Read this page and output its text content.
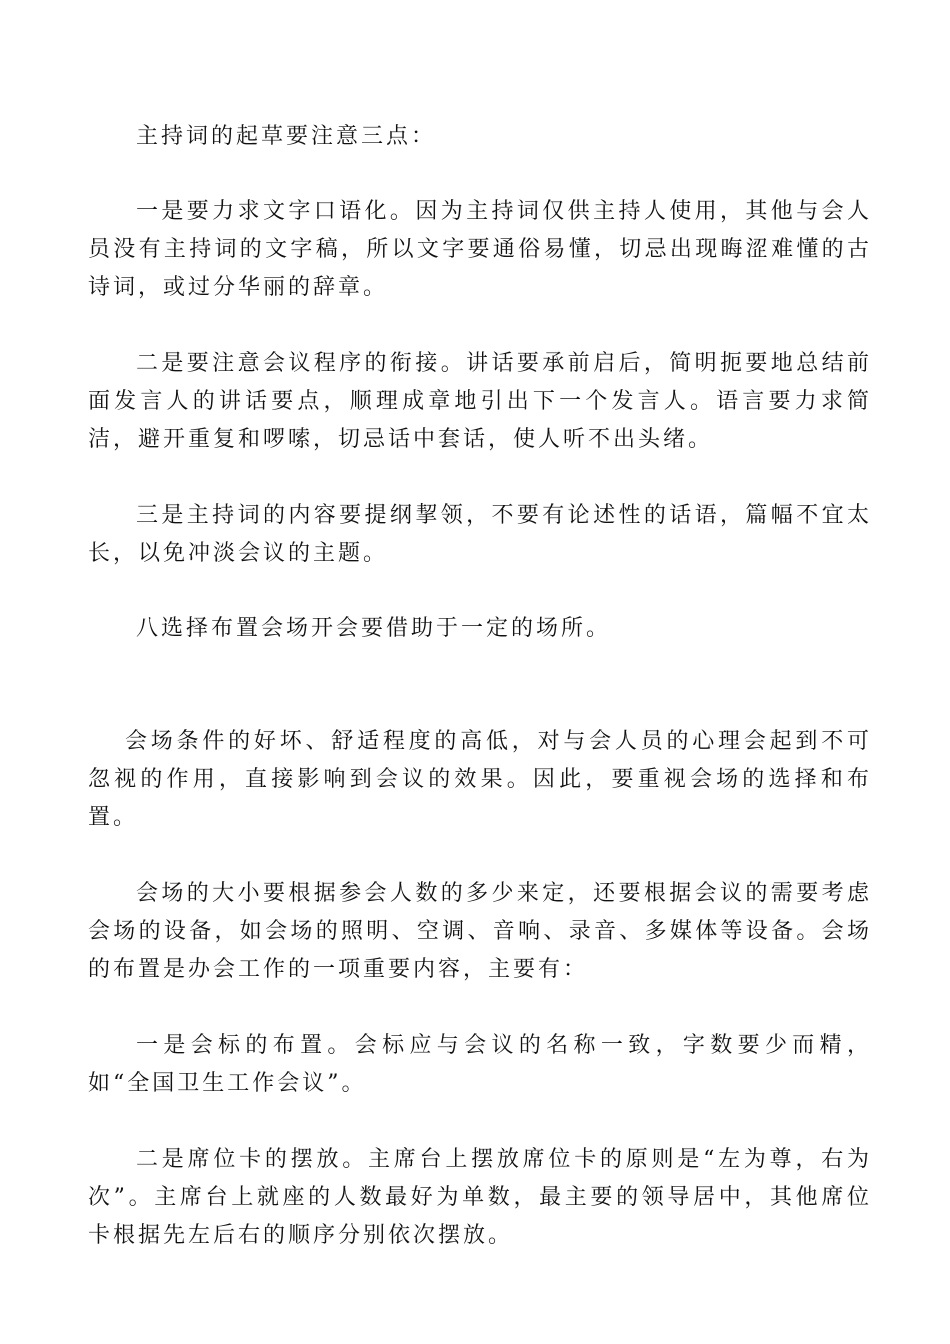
主持词的起草要注意三点：

一是要力求文字口语化。因为主持词仅供主持人使用，其他与会人员没有主持词的文字稿，所以文字要通俗易懂，切忌出现晦涩难懂的古诗词，或过分华丽的辞章。

二是要注意会议程序的衔接。讲话要承前启后，简明扼要地总结前面发言人的讲话要点，顺理成章地引出下一个发言人。语言要力求简洁，避开重复和啰嗦，切忌话中套话，使人听不出头绪。

三是主持词的内容要提纲挈领，不要有论述性的话语，篇幅不宜太长，以免冲淡会议的主题。

八选择布置会场开会要借助于一定的场所。

会场条件的好坏、舒适程度的高低，对与会人员的心理会起到不可忽视的作用，直接影响到会议的效果。因此，要重视会场的选择和布置。

会场的大小要根据参会人数的多少来定，还要根据会议的需要考虑会场的设备，如会场的照明、空调、音响、录音、多媒体等设备。会场的布置是办会工作的一项重要内容，主要有：

一是会标的布置。会标应与会议的名称一致，字数要少而精，如“全国卫生工作会议”。

二是席位卡的摆放。主席台上摆放席位卡的原则是“左为尊，右为次”。主席台上就座的人数最好为单数，最主要的领导居中，其他席位卡根据先左后右的顺序分别依次摆放。
